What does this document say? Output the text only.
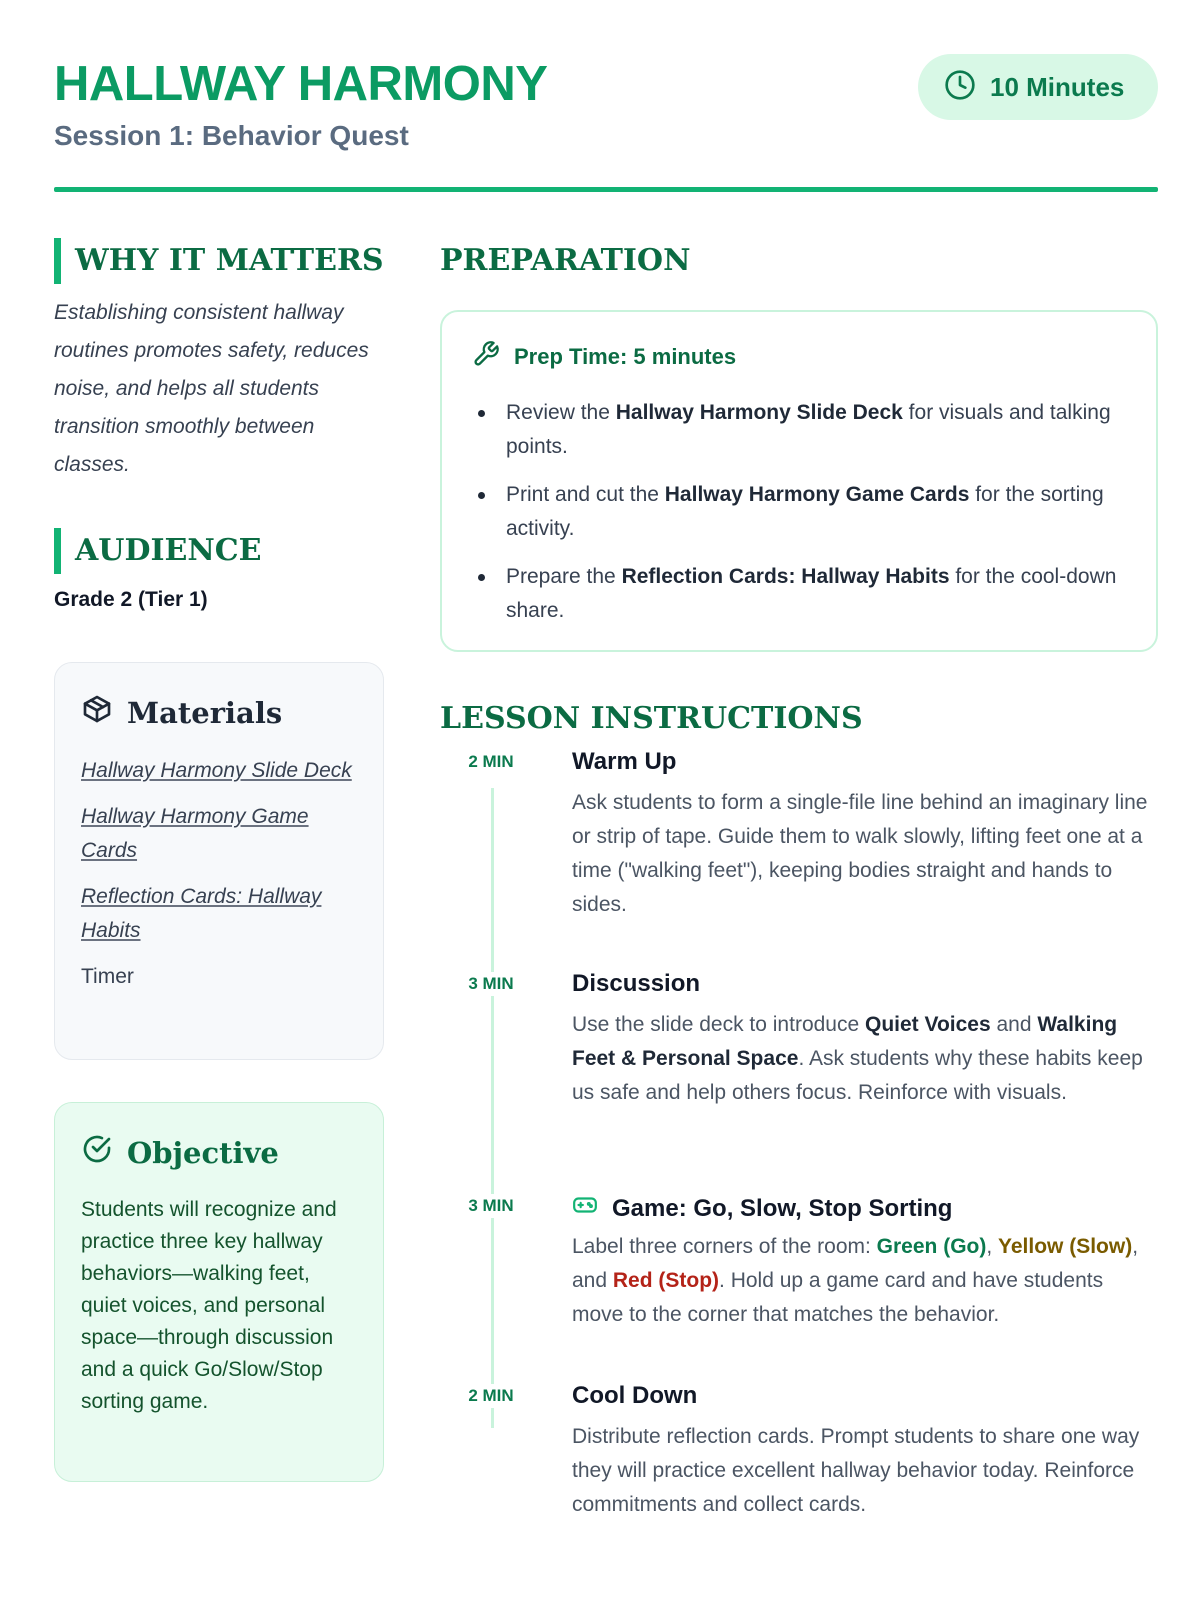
HALLWAY HARMONY
Session 1: Behavior Quest
10 Minutes
WHY IT MATTERS

Establishing consistent hallway routines promotes safety, reduces noise, and helps all students transition smoothly between classes.

AUDIENCE
Grade 2 (Tier 1)
Materials
Hallway Harmony Slide Deck
Hallway Harmony Game Cards
Reflection Cards: Hallway Habits
Timer
Objective

Students will recognize and practice three key hallway behaviors—walking feet, quiet voices, and personal space—through discussion and a quick Go/Slow/Stop sorting game.

PREPARATION
Prep Time: 5 minutes
Review the Hallway Harmony Slide Deck for visuals and talking points.
Print and cut the Hallway Harmony Game Cards for the sorting activity.
Prepare the Reflection Cards: Hallway Habits for the cool-down share.
LESSON INSTRUCTIONS
2 MIN	Warm Up

Ask students to form a single-file line behind an imaginary line or strip of tape. Guide them to walk slowly, lifting feet one at a time ("walking feet"), keeping bodies straight and hands to sides.

3 MIN	Discussion

Use the slide deck to introduce Quiet Voices and Walking Feet & Personal Space. Ask students why these habits keep us safe and help others focus. Reinforce with visuals.

3 MIN	Game: Go, Slow, Stop Sorting

Label three corners of the room: Green (Go), Yellow (Slow), and Red (Stop). Hold up a game card and have students move to the corner that matches the behavior.

2 MIN	Cool Down

Distribute reflection cards. Prompt students to share one way they will practice excellent hallway behavior today. Reinforce commitments and collect cards.
